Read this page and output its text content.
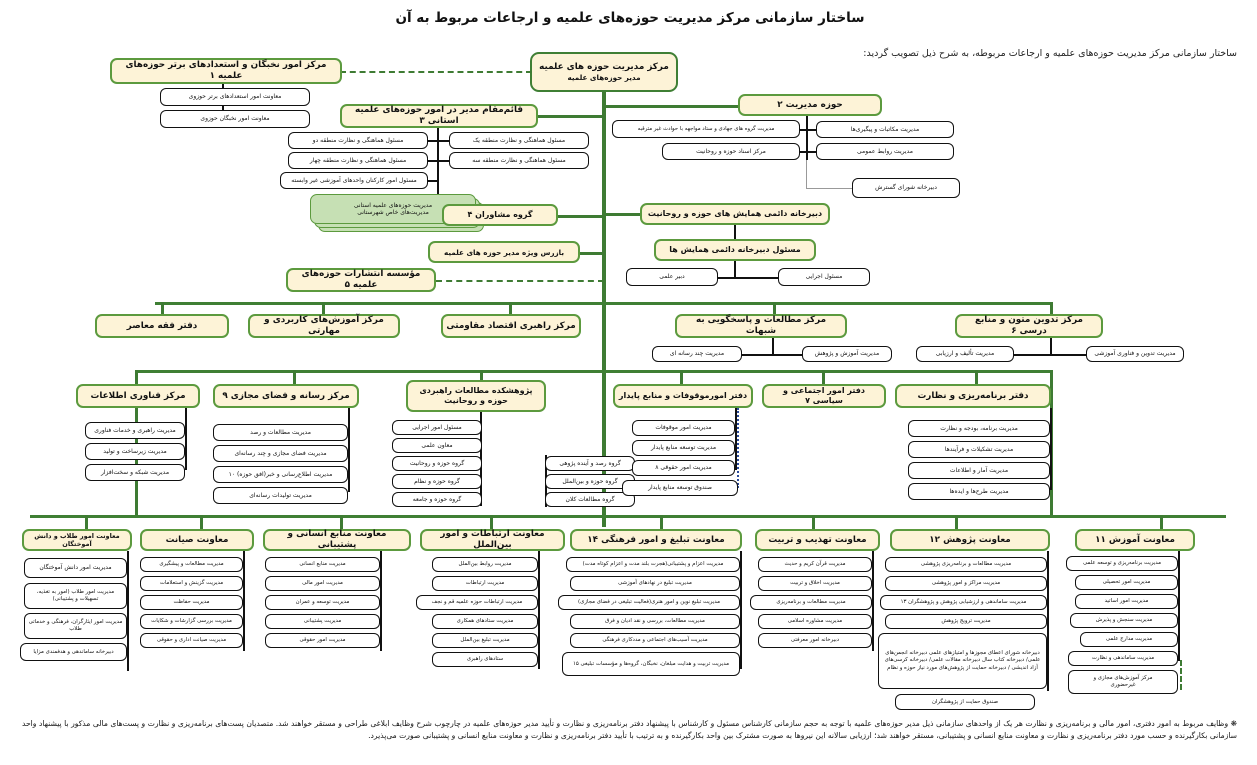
ساختار سازمانی مرکز مدیریت حوزه‌های علمیه و ارجاعات مربوط به آن
ساختار سازمانی مرکز مدیریت حوزه‌های علمیه و ارجاعات مربوطه، به شرح ذیل تصویب گردید:
مرکز مدیریت حوزه های علمیه
مدیر حوزه‌های علمیه
مرکز امور نخبگان و استعدادهای برتر حوزه‌های علمیه ۱
معاونت امور استعدادهای برتر حوزوی
معاونت امور نخبگان حوزوی
قائم‌مقام مدیر در امور حوزه‌های علمیه استانی ۳
مسئول هماهنگی و نظارت منطقه یک
مسئول هماهنگی و نظارت منطقه سه
مسئول هماهنگی و نظارت منطقه دو
مسئول هماهنگی و نظارت منطقه چهار
مسئول امور کارکنان واحدهای آموزشی غیر وابسته
مدیریت حوزه‌های علمیه استانی
مدیریت‌های خاص شهرستانی
حوزه مدیریت ۲
مدیریت مکاتبات و پیگیری‌ها
مدیریت روابط عمومی
مدیریت گروه های جهادی و ستاد مواجهه با حوادث غیر مترقبه
مرکز اسناد حوزه و روحانیت
دبیرخانه شورای گسترش
گروه مشاوران ۴
بازرس ویژه مدیر حوزه های علمیه
مؤسسه انتشارات حوزه‌های علمیه ۵
دبیرخانه دائمی همایش های حوزه و روحانیت
مسئول دبیرخانه دائمی همایش ها
مسئول اجرایی
دبیر علمی
دفتر فقه معاصر
مرکز آموزش‌های کاربردی و مهارتی
مرکز راهبری اقتصاد مقاومتی
مرکز مطالعات و پاسخگویی به شبهات
مرکز تدوین متون و منابع درسی ۶
مدیریت آموزش و پژوهش
مدیریت چند رسانه ای	مدیریت تدوین و فناوری آموزشی
مدیریت تألیف و ارزیابی
مرکز فناوری اطلاعات
مدیریت راهبری و خدمات فناوری
مدیریت زیرساخت و تولید
مدیریت شبکه و سخت‌افزار
مرکز رسانه و فضای مجازی ۹
مدیریت مطالعات و رصد
مدیریت فضای مجازی و چند رسانه‌ای
مدیریت اطلاع‌رسانی و خبر(افق حوزه) ۱۰
مدیریت تولیدات رسانه‌ای
پژوهشکده مطالعات راهبردی
حوزه و روحانیت
مسئول امور اجرایی
معاون علمی
گروه حوزه و روحانیت
گروه حوزه و نظام
گروه حوزه و جامعه
گروه رصد و آینده پژوهی
گروه حوزه و بین‌الملل
گروه مطالعات کلان
دفتر امورموقوفات و منابع پایدار
مدیریت امور موقوفات
مدیریت توسعه منابع پایدار
مدیریت امور حقوقی ۸
صندوق توسعه منابع پایدار
دفتر امور اجتماعی و سیاسی ۷	دفتر برنامه‌ریزی و نظارت
مدیریت برنامه، بودجه و نظارت
مدیریت تشکیلات و فرآیندها
مدیریت آمار و اطلاعات
مدیریت طرح‌ها و ایده‌ها
معاونت آموزش ۱۱
مدیریت برنامه‌ریزی و توسعه علمی
مدیریت امور تحصیلی
مدیریت امور اساتید
مدیریت سنجش و پذیرش
مدیریت مدارج علمی
مدیریت ساماندهی و نظارت
مرکز آموزش‌های مجازی و
غیرحضوری
معاونت پژوهش ۱۲
مدیریت مطالعات و برنامه‌ریزی پژوهشی
مدیریت مراکز و امور پژوهشی
مدیریت ساماندهی و ارزشیابی پژوهش و پژوهشگران ۱۳
مدیریت ترویج پژوهش
دبیرخانه شورای اعطای مجوزها و امتیازهای علمی دبیرخانه انجمن‌های علمی/ دبیرخانه کتاب سال دبیرخانه مقالات علمی/ دبیرخانه کرسی‌های آزاد اندیشی / دبیرخانه حمایت از پژوهش‌های مورد نیاز حوزه و نظام
صندوق حمایت از پژوهشگران
معاونت تهذیب و تربیت
مدیریت قرآن کریم و حدیث
مدیریت اخلاق و تربیت
مدیریت مطالعات و برنامه‌ریزی
مدیریت مشاوره اسلامی
دبیرخانه امور معرفتی
معاونت تبلیغ و امور فرهنگی ۱۴
مدیریت اعزام و پشتیبانی(هجرت بلند مدت و اعزام کوتاه مدت)
مدیریت تبلیغ در نهادهای آموزشی
مدیریت تبلیغ نوین و امور هنری(فعالیت تبلیغی در فضای مجازی)
مدیریت مطالعات، بررسی و نقد ادیان و فرق
مدیریت آسیب‌های اجتماعی و مددکاری فرهنگی
مدیریت تربیت و هدایت مبلغان، نخبگان، گروه‌ها و مؤسسات تبلیغی ۱۵
معاونت ارتباطات و امور بین‌الملل
مدیریت روابط بین‌الملل
مدیریت ارتباطات
مدیریت ارتباطات حوزه علمیه قم و نجف
مدیریت ستادهای همکاری
مدیریت تبلیغ بین‌الملل
ستادهای راهبری
معاونت منابع انسانی و پشتیبانی
مدیریت منابع انسانی
مدیریت امور مالی
مدیریت توسعه و عمران
مدیریت پشتیبانی
مدیریت امور حقوقی
معاونت صیانت
مدیریت مطالعات و پیشگیری
مدیریت گزینش و استعلامات
مدیریت حفاظت
مدیریت بررسی گزارشات و شکایات
مدیریت صیانت اداری و حقوقی
معاونت امور طلاب و دانش آموختگان
مدیریت امور دانش آموختگان
مدیریت امور طلاب (امور به تغذیه، تسهیلات و پشتیبانی)
مدیریت امور ایثارگران، فرهنگی و خدماتی طلاب
دبیرخانه ساماندهی و هدفمندی مزایا
❋ وظایف مربوط به امور دفتری، امور مالی و برنامه‌ریزی و نظارت هر یک از واحدهای سازمانی ذیل مدیر حوزه‌های علمیه با توجه به حجم سازمانی کارشناس مسئول و کارشناس با پیشنهاد دفتر برنامه‌ریزی و نظارت و تأیید مدیر حوزه‌های علمیه در چارچوب شرح وظایف ابلاغی طراحی و مستقر خواهند شد. متصدیان پست‌های برنامه‌ریزی و نظارت و پست‌های مالی مذکور با پیشنهاد واحد سازمانی بکارگیرنده و حسب مورد دفتر برنامه‌ریزی و نظارت و معاونت منابع انسانی و پشتیبانی، مستقر خواهند شد؛ ارزیابی سالانه این نیروها به صورت مشترک بین واحد بکارگیرنده و به ترتیب با تأیید دفتر برنامه‌ریزی و نظارت و معاونت منابع انسانی و پشتیبانی صورت می‌پذیرد.
